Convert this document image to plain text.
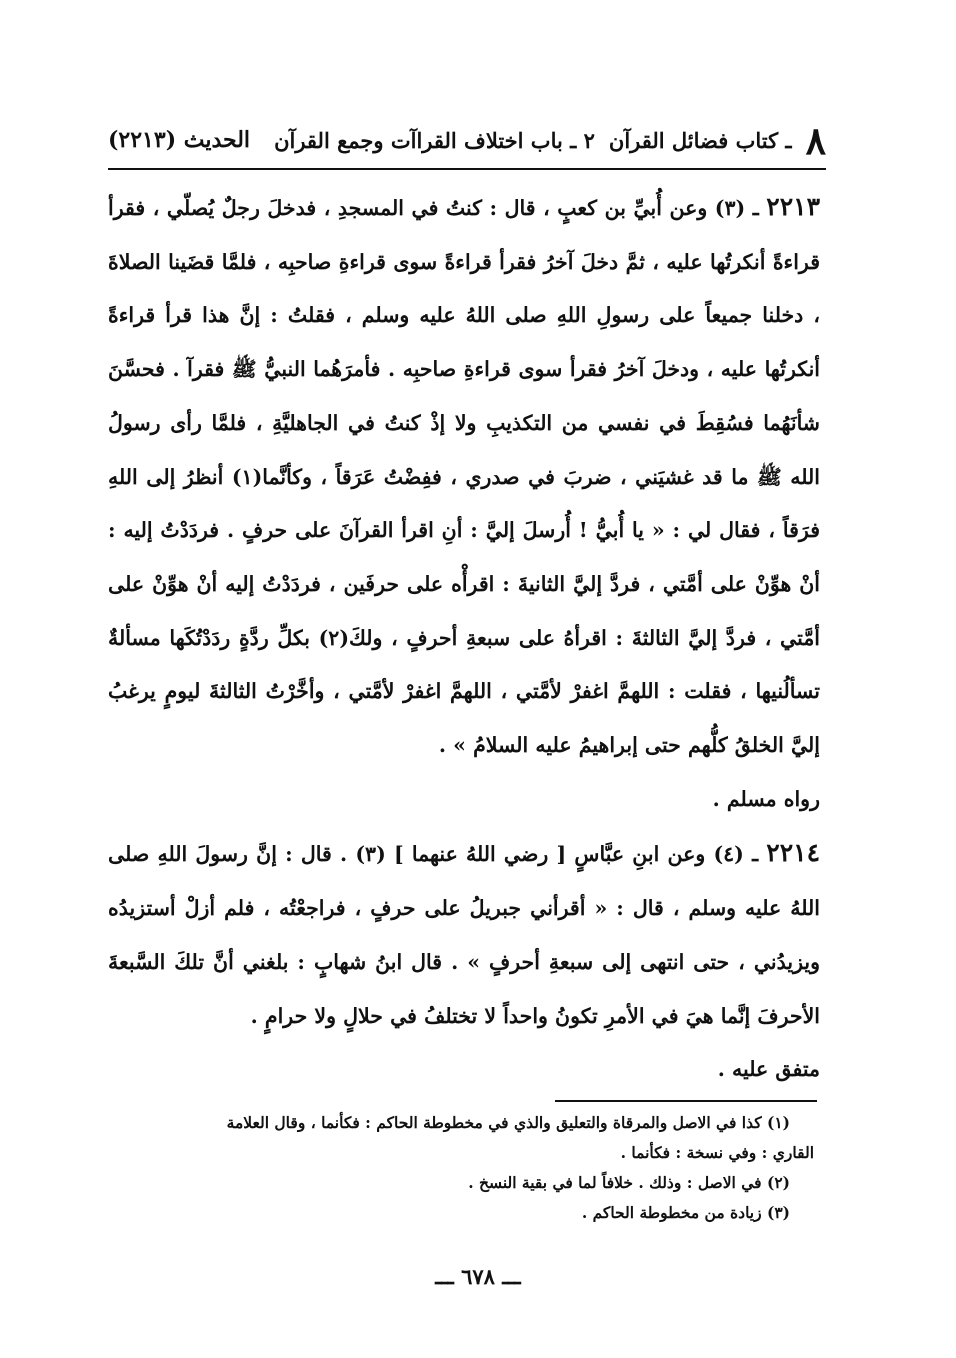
٨
ـ كتاب فضائل القرآن
٢ ـ باب اختلاف القراآت وجمع القرآن
الحديث (٢٢١٣)

٢٢١٣ ـ (٣) وعن أُبيِّ بن كعبٍ ، قال : كنتُ في المسجدِ ، فدخلَ رجلٌ يُصلّي ، فقرأ قراءةً أنكرتُها عليه ، ثمَّ دخلَ آخرُ فقرأ قراءةً سوى قراءةِ صاحبِه ، فلمَّا قضَينا الصلاةَ ، دخلنا جميعاً على رسولِ اللهِ صلى اللهُ عليه وسلم ، فقلتُ : إنَّ هذا قرأ قراءةً أنكرتُها عليه ، ودخلَ آخرُ فقرأ سوى قراءةِ صاحبِه . فأمرَهُما النبيُّ ﷺ فقرآ . فحسَّنَ شأنَهُما فسُقِطَ في نفسي من التكذيبِ ولا إذْ كنتُ في الجاهليَّةِ ، فلمَّا رأى رسولُ الله ﷺ ما قد غشيَني ، ضربَ في صدري ، ففِضْتُ عَرَقاً ، وكأنَّما(١) أنظرُ إلى اللهِ فرَقاً ، فقال لي : « يا أُبيُّ ! أُرسلَ إليَّ : أنِ اقرأ القرآنَ على حرفٍ . فردَدْتُ إليه : أنْ هوِّنْ على أمَّتي ، فردَّ إليَّ الثانيةَ : اقرأْه على حرفَين ، فردَدْتُ إليه أنْ هوِّنْ على أمَّتي ، فردَّ إليَّ الثالثةَ : اقرأهُ على سبعةِ أحرفٍ ، ولكَ(٢) بكلِّ ردَّةٍ ردَدْتُكَها مسألةٌ تسألُنيها ، فقلت : اللهمَّ اغفرْ لأمَّتي ، اللهمَّ اغفرْ لأمَّتي ، وأخَّرْتُ الثالثةَ ليومٍ يرغبُ إليَّ الخلقُ كلُّهم حتى إبراهيمُ عليه السلامُ » .

رواه مسلم .

٢٢١٤ ـ (٤) وعن ابنِ عبَّاسٍ [ رضي اللهُ عنهما ] (٣) . قال : إنَّ رسولَ اللهِ صلى اللهُ عليه وسلم ، قال : « أقرأني جبريلُ على حرفٍ ، فراجعْتُه ، فلم أزلْ أستزيدُه ويزيدُني ، حتى انتهى إلى سبعةِ أحرفٍ » . قال ابنُ شهابٍ : بلغني أنَّ تلكَ السَّبعةَ الأحرفَ إنَّما هيَ في الأمرِ تكونُ واحداً لا تختلفُ في حلالٍ ولا حرامٍ .

متفق عليه .

(١) كذا في الاصل والمرقاة والتعليق والذي في مخطوطة الحاكم : فكأنما ، وقال العلامة
القاري : وفي نسخة : فكأنما .
(٢) في الاصل : وذلك . خلافاً لما في بقية النسخ .
(٣) زيادة من مخطوطة الحاكم .
ـــ ٦٧٨ ـــ
